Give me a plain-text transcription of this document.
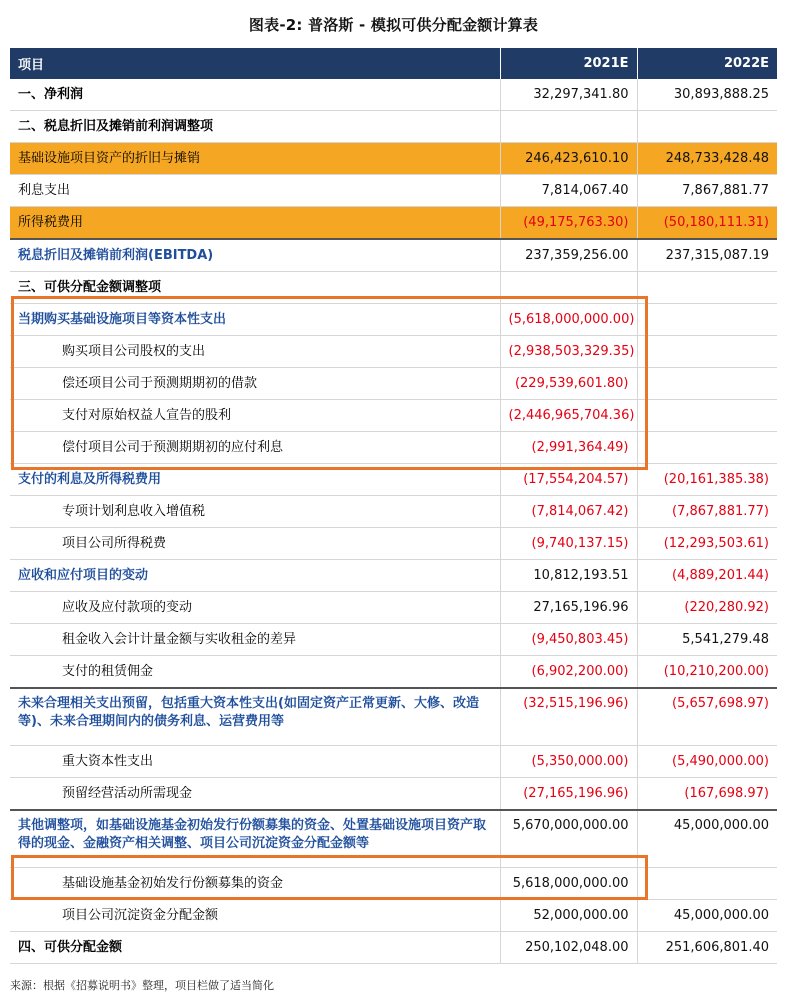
图表-2: 普洛斯 - 模拟可供分配金额计算表
项目	2021E	2022E
一、净利润	32,297,341.80	30,893,888.25
二、税息折旧及摊销前利润调整项		
基础设施项目资产的折旧与摊销	246,423,610.10	248,733,428.48
利息支出	7,814,067.40	7,867,881.77
所得税费用	(49,175,763.30)	(50,180,111.31)
税息折旧及摊销前利润(EBITDA)	237,359,256.00	237,315,087.19
三、可供分配金额调整项		
当期购买基础设施项目等资本性支出	(5,618,000,000.00)	
购买项目公司股权的支出	(2,938,503,329.35)	
偿还项目公司于预测期期初的借款	(229,539,601.80)	
支付对原始权益人宣告的股利	(2,446,965,704.36)	
偿付项目公司于预测期期初的应付利息	(2,991,364.49)	
支付的利息及所得税费用	(17,554,204.57)	(20,161,385.38)
专项计划利息收入增值税	(7,814,067.42)	(7,867,881.77)
项目公司所得税费	(9,740,137.15)	(12,293,503.61)
应收和应付项目的变动	10,812,193.51	(4,889,201.44)
应收及应付款项的变动	27,165,196.96	(220,280.92)
租金收入会计计量金额与实收租金的差异	(9,450,803.45)	5,541,279.48
支付的租赁佣金	(6,902,200.00)	(10,210,200.00)
未来合理相关支出预留，包括重大资本性支出(如固定资产正常更新、大修、改造等)、未来合理期间内的债务利息、运营费用等	(32,515,196.96)	(5,657,698.97)
重大资本性支出	(5,350,000.00)	(5,490,000.00)
预留经营活动所需现金	(27,165,196.96)	(167,698.97)
其他调整项，如基础设施基金初始发行份额募集的资金、处置基础设施项目资产取得的现金、金融资产相关调整、项目公司沉淀资金分配金额等	5,670,000,000.00	45,000,000.00
基础设施基金初始发行份额募集的资金	5,618,000,000.00	
项目公司沉淀资金分配金额	52,000,000.00	45,000,000.00
四、可供分配金额	250,102,048.00	251,606,801.40
来源：根据《招募说明书》整理，项目栏做了适当简化
